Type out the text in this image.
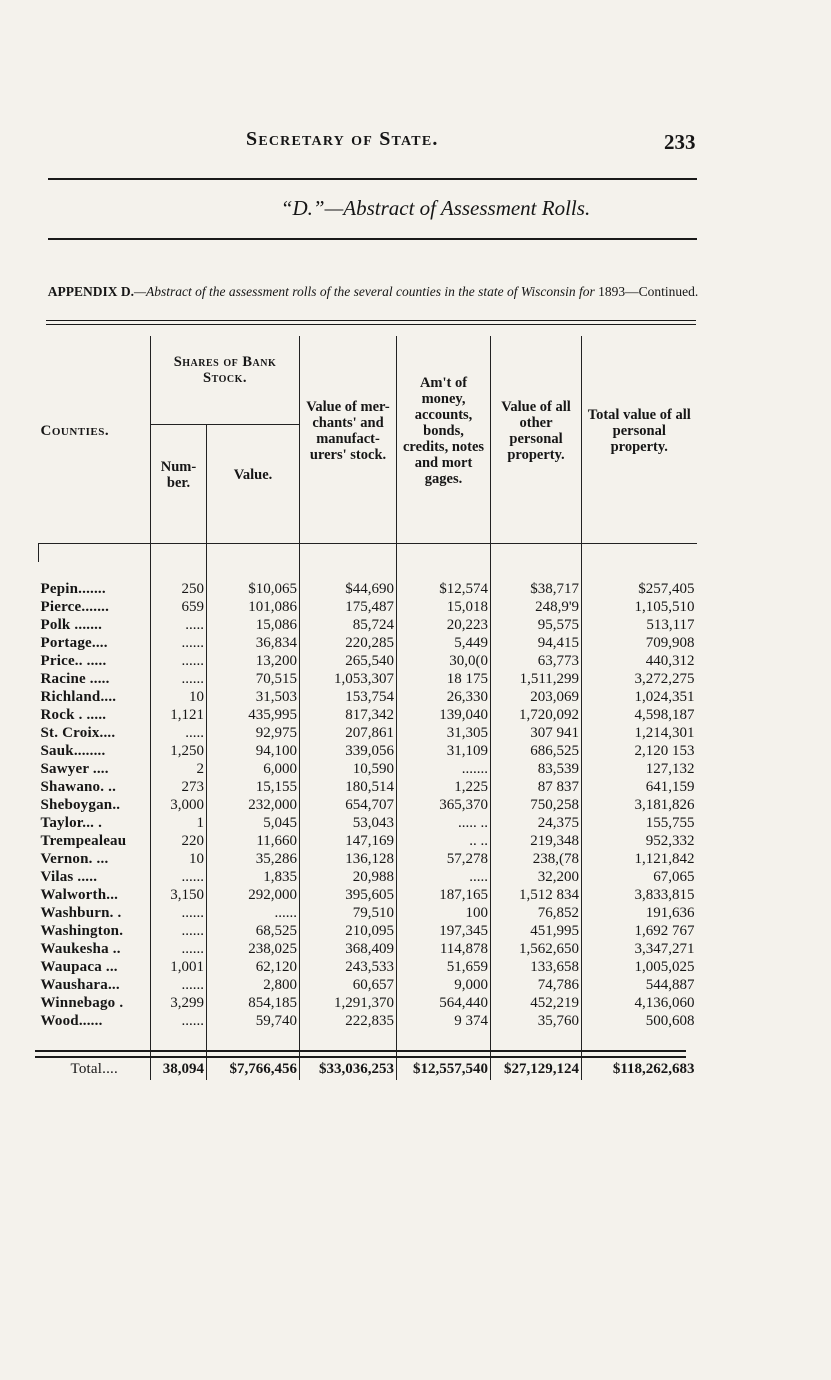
Secretary of State.	233
“D.”—Abstract of Assessment Rolls.
APPENDIX D.—Abstract of the assessment rolls of the several counties in the state of Wisconsin for 1893—Continued.
Counties.	Shares of Bank Stock.		Value of mer-chants' and manufact-urers' stock.	Am't of money, accounts, bonds, credits, notes and mort gages.	Value of all other personal property.	Total value of all personal property.
	Num-ber.	Value.				

Pepin.......	250	$10,065	$44,690	$12,574	$38,717	$257,405
Pierce.......	659	101,086	175,487	15,018	248,9'9	1,105,510
Polk .......	.....	15,086	85,724	20,223	95,575	513,117
Portage....	......	36,834	220,285	5,449	94,415	709,908
Price.. .....	......	13,200	265,540	30,0(0	63,773	440,312
Racine .....	......	70,515	1,053,307	18 175	1,511,299	3,272,275
Richland....	10	31,503	153,754	26,330	203,069	1,024,351
Rock . .....	1,121	435,995	817,342	139,040	1,720,092	4,598,187
St. Croix....	.....	92,975	207,861	31,305	307 941	1,214,301
Sauk........	1,250	94,100	339,056	31,109	686,525	2,120 153
Sawyer ....	2	6,000	10,590	.......	83,539	127,132
Shawano. ..	273	15,155	180,514	1,225	87 837	641,159
Sheboygan..	3,000	232,000	654,707	365,370	750,258	3,181,826
Taylor... .	1	5,045	53,043	..... ..	24,375	155,755
Trempealeau	220	11,660	147,169	.. ..	219,348	952,332
Vernon. ...	10	35,286	136,128	57,278	238,(78	1,121,842
Vilas .....	......	1,835	20,988	.....	32,200	67,065
Walworth...	3,150	292,000	395,605	187,165	1,512 834	3,833,815
Washburn. .	......	......	79,510	100	76,852	191,636
Washington.	......	68,525	210,095	197,345	451,995	1,692 767
Waukesha ..	......	238,025	368,409	114,878	1,562,650	3,347,271
Waupaca ...	1,001	62,120	243,533	51,659	133,658	1,005,025
Waushara...	......	2,800	60,657	9,000	74,786	544,887
Winnebago .	3,299	854,185	1,291,370	564,440	452,219	4,136,060
Wood......	......	59,740	222,835	9 374	35,760	500,608

Total....	38,094	$7,766,456	$33,036,253	$12,557,540	$27,129,124	$118,262,683
